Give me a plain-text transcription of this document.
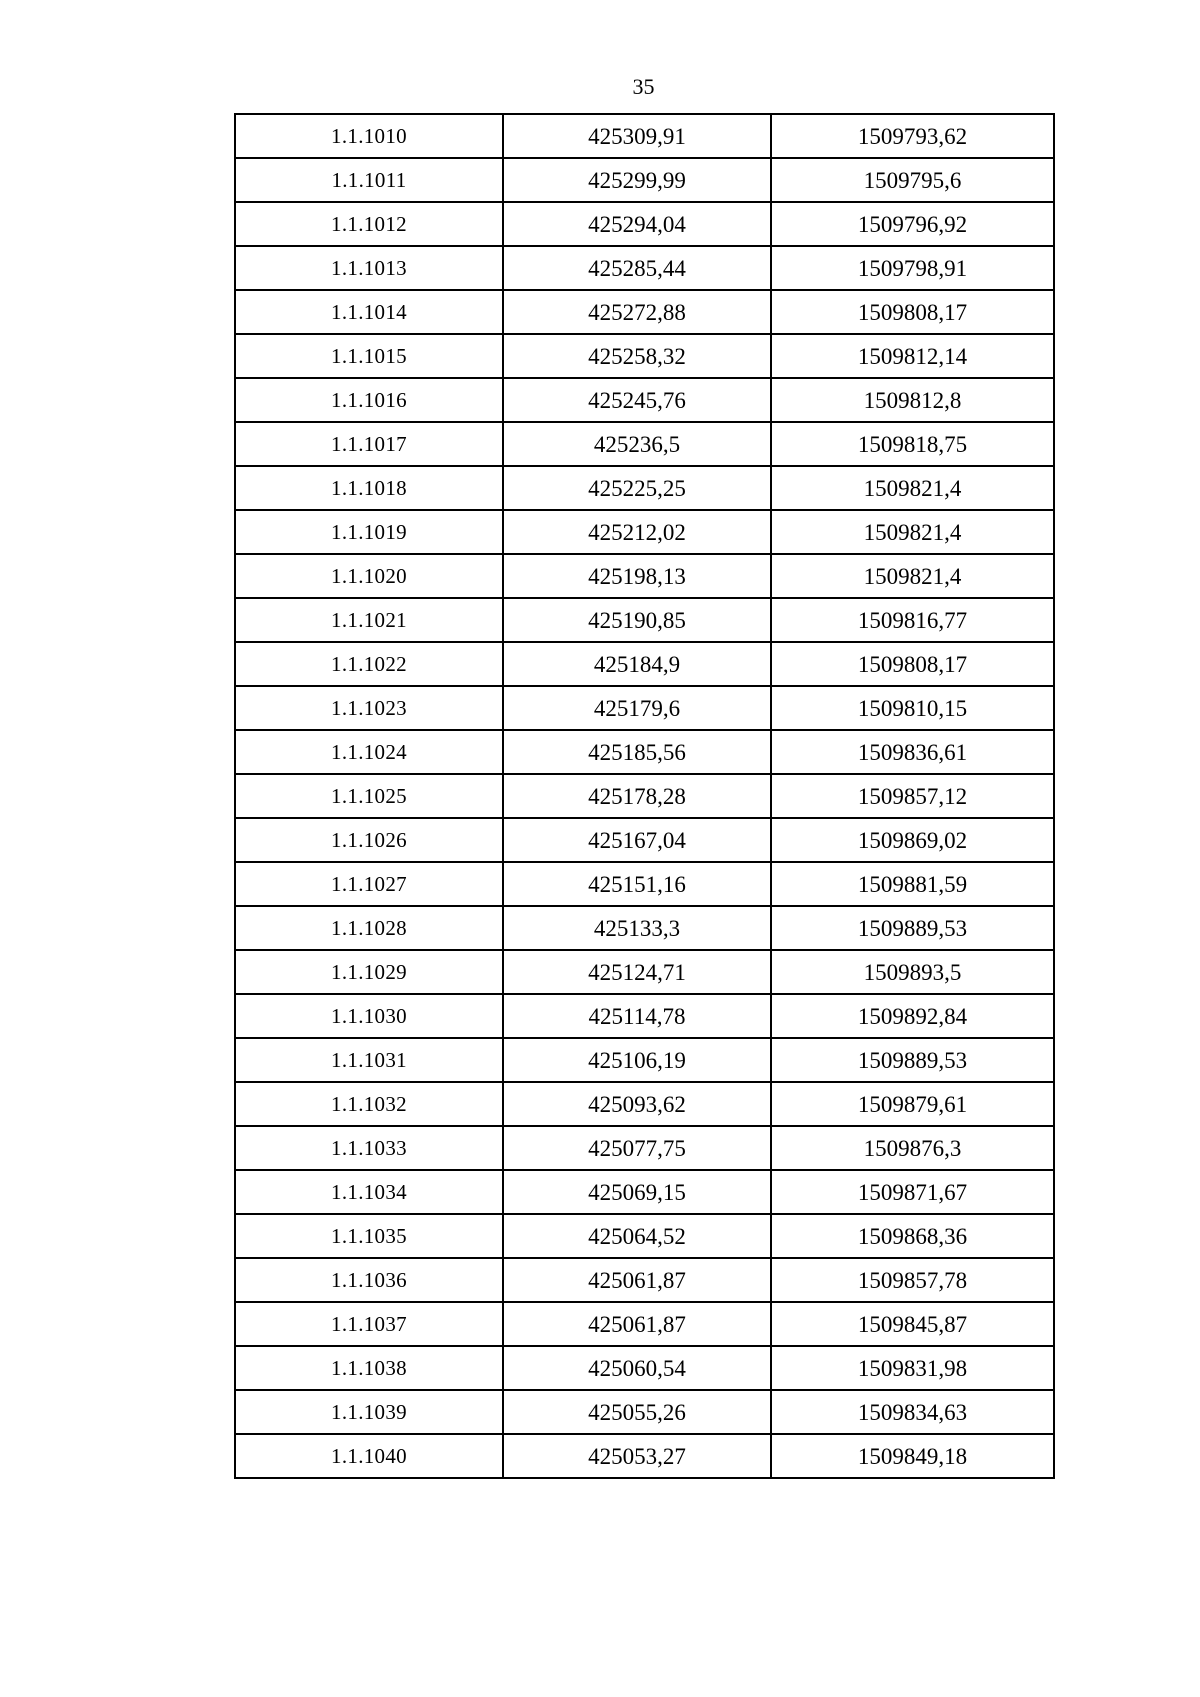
35
1.1.1010	425309,91	1509793,62
1.1.1011	425299,99	1509795,6
1.1.1012	425294,04	1509796,92
1.1.1013	425285,44	1509798,91
1.1.1014	425272,88	1509808,17
1.1.1015	425258,32	1509812,14
1.1.1016	425245,76	1509812,8
1.1.1017	425236,5	1509818,75
1.1.1018	425225,25	1509821,4
1.1.1019	425212,02	1509821,4
1.1.1020	425198,13	1509821,4
1.1.1021	425190,85	1509816,77
1.1.1022	425184,9	1509808,17
1.1.1023	425179,6	1509810,15
1.1.1024	425185,56	1509836,61
1.1.1025	425178,28	1509857,12
1.1.1026	425167,04	1509869,02
1.1.1027	425151,16	1509881,59
1.1.1028	425133,3	1509889,53
1.1.1029	425124,71	1509893,5
1.1.1030	425114,78	1509892,84
1.1.1031	425106,19	1509889,53
1.1.1032	425093,62	1509879,61
1.1.1033	425077,75	1509876,3
1.1.1034	425069,15	1509871,67
1.1.1035	425064,52	1509868,36
1.1.1036	425061,87	1509857,78
1.1.1037	425061,87	1509845,87
1.1.1038	425060,54	1509831,98
1.1.1039	425055,26	1509834,63
1.1.1040	425053,27	1509849,18
